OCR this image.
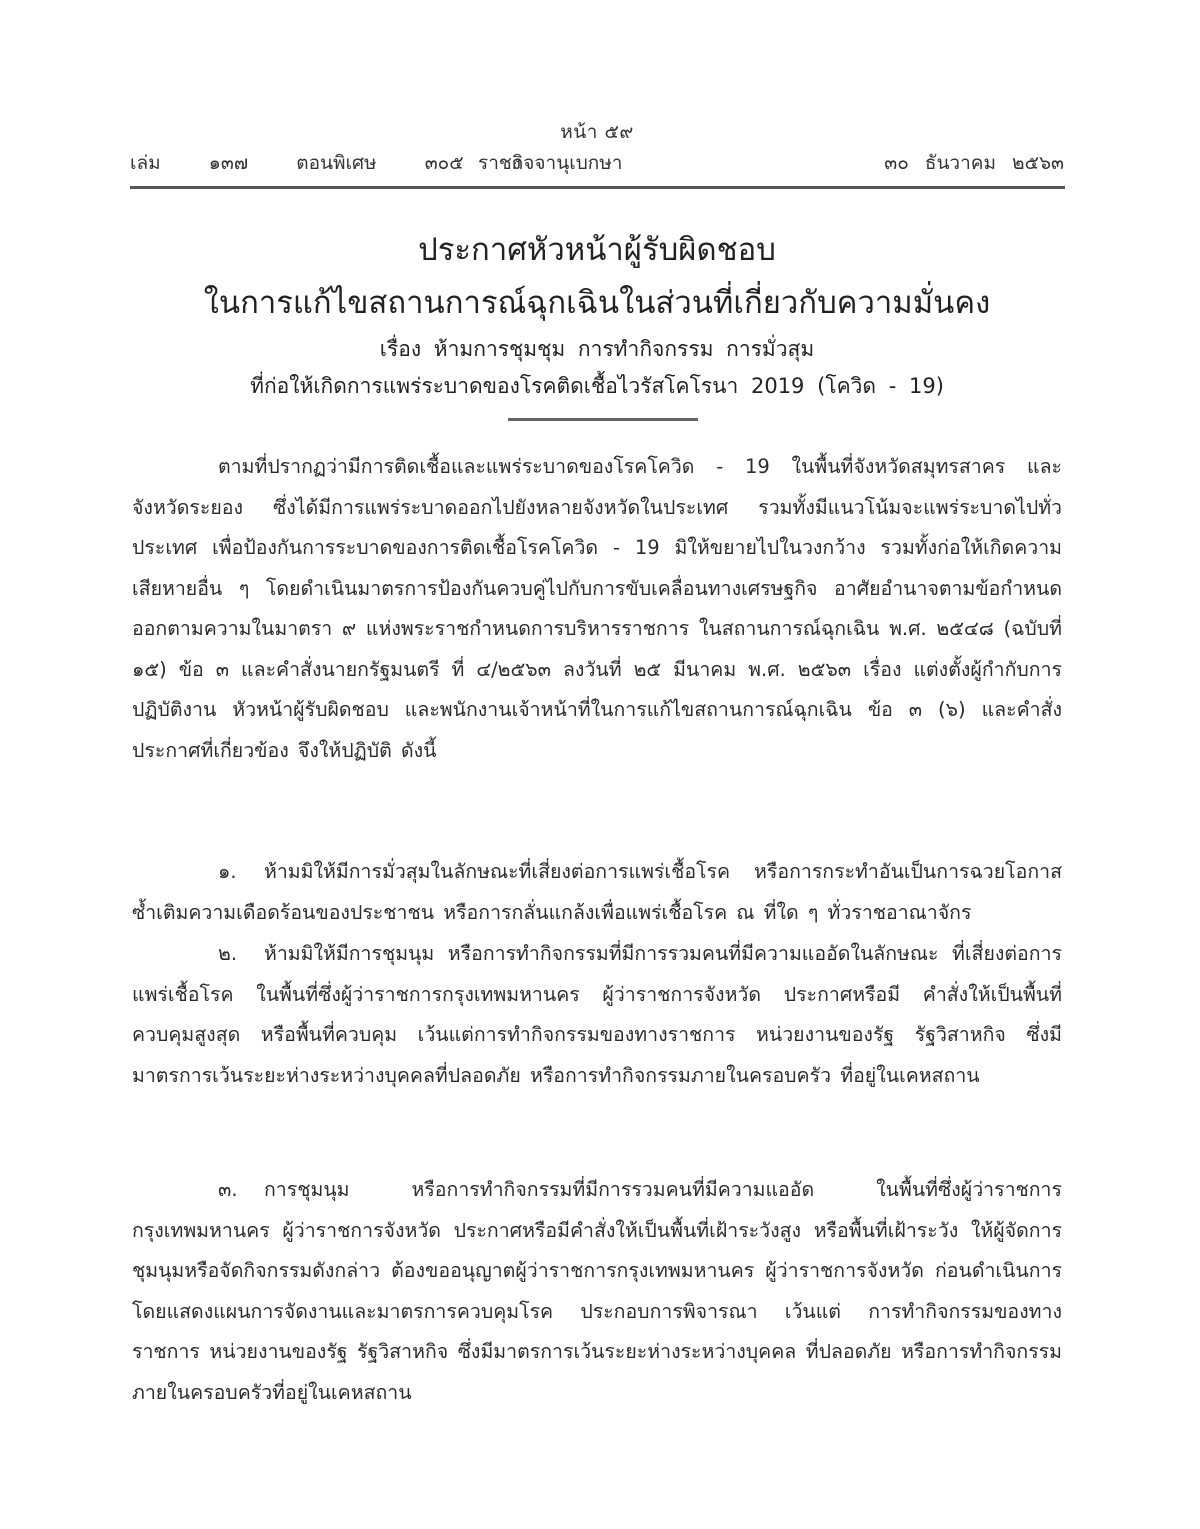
หน้า ๕๙
เล่ม   ๑๓๗   ตอนพิเศษ   ๓๐๕   ง
ราชกิจจานุเบกษา	๓๐ ธันวาคม ๒๕๖๓
ประกาศหัวหน้าผู้รับผิดชอบ
ในการแก้ไขสถานการณ์ฉุกเฉินในส่วนที่เกี่ยวกับความมั่นคง
เรื่อง ห้ามการชุมชุม การทำกิจกรรม การมั่วสุม
ที่ก่อให้เกิดการแพร่ระบาดของโรคติดเชื้อไวรัสโคโรนา 2019 (โควิด - 19)

ตามที่ปรากฏว่ามีการติดเชื้อและแพร่ระบาดของโรคโควิด - 19 ในพื้นที่จังหวัดสมุทรสาคร และจังหวัดระยอง ซึ่งได้มีการแพร่ระบาดออกไปยังหลายจังหวัดในประเทศ รวมทั้งมีแนวโน้มจะแพร่ระบาดไปทั่วประเทศ เพื่อป้องกันการระบาดของการติดเชื้อโรคโควิด - 19 มิให้ขยายไปในวงกว้าง รวมทั้งก่อให้เกิดความเสียหายอื่น ๆ โดยดำเนินมาตรการป้องกันควบคู่ไปกับการขับเคลื่อนทางเศรษฐกิจ อาศัยอำนาจตามข้อกำหนดออกตามความในมาตรา ๙ แห่งพระราชกำหนดการบริหารราชการ ในสถานการณ์ฉุกเฉิน พ.ศ. ๒๕๔๘ (ฉบับที่ ๑๕) ข้อ ๓ และคำสั่งนายกรัฐมนตรี ที่ ๔/๒๕๖๓ ลงวันที่ ๒๕ มีนาคม พ.ศ. ๒๕๖๓ เรื่อง แต่งตั้งผู้กำกับการปฏิบัติงาน หัวหน้าผู้รับผิดชอบ และพนักงานเจ้าหน้าที่ในการแก้ไขสถานการณ์ฉุกเฉิน ข้อ ๓ (๖) และคำสั่ง ประกาศที่เกี่ยวข้อง จึงให้ปฏิบัติ ดังนี้

๑. ห้ามมิให้มีการมั่วสุมในลักษณะที่เสี่ยงต่อการแพร่เชื้อโรค หรือการกระทำอันเป็นการฉวยโอกาส ซ้ำเติมความเดือดร้อนของประชาชน หรือการกลั่นแกล้งเพื่อแพร่เชื้อโรค ณ ที่ใด ๆ ทั่วราชอาณาจักร

๒. ห้ามมิให้มีการชุมนุม หรือการทำกิจกรรมที่มีการรวมคนที่มีความแออัดในลักษณะ ที่เสี่ยงต่อการแพร่เชื้อโรค ในพื้นที่ซึ่งผู้ว่าราชการกรุงเทพมหานคร ผู้ว่าราชการจังหวัด ประกาศหรือมี คำสั่งให้เป็นพื้นที่ควบคุมสูงสุด หรือพื้นที่ควบคุม เว้นแต่การทำกิจกรรมของทางราชการ หน่วยงานของรัฐ รัฐวิสาหกิจ ซึ่งมีมาตรการเว้นระยะห่างระหว่างบุคคลที่ปลอดภัย หรือการทำกิจกรรมภายในครอบครัว ที่อยู่ในเคหสถาน

๓. การชุมนุม หรือการทำกิจกรรมที่มีการรวมคนที่มีความแออัด ในพื้นที่ซึ่งผู้ว่าราชการ กรุงเทพมหานคร ผู้ว่าราชการจังหวัด ประกาศหรือมีคำสั่งให้เป็นพื้นที่เฝ้าระวังสูง หรือพื้นที่เฝ้าระวัง ให้ผู้จัดการชุมนุมหรือจัดกิจกรรมดังกล่าว ต้องขออนุญาตผู้ว่าราชการกรุงเทพมหานคร ผู้ว่าราชการจังหวัด ก่อนดำเนินการ โดยแสดงแผนการจัดงานและมาตรการควบคุมโรค ประกอบการพิจารณา เว้นแต่ การทำกิจกรรมของทางราชการ หน่วยงานของรัฐ รัฐวิสาหกิจ ซึ่งมีมาตรการเว้นระยะห่างระหว่างบุคคล ที่ปลอดภัย หรือการทำกิจกรรมภายในครอบครัวที่อยู่ในเคหสถาน
